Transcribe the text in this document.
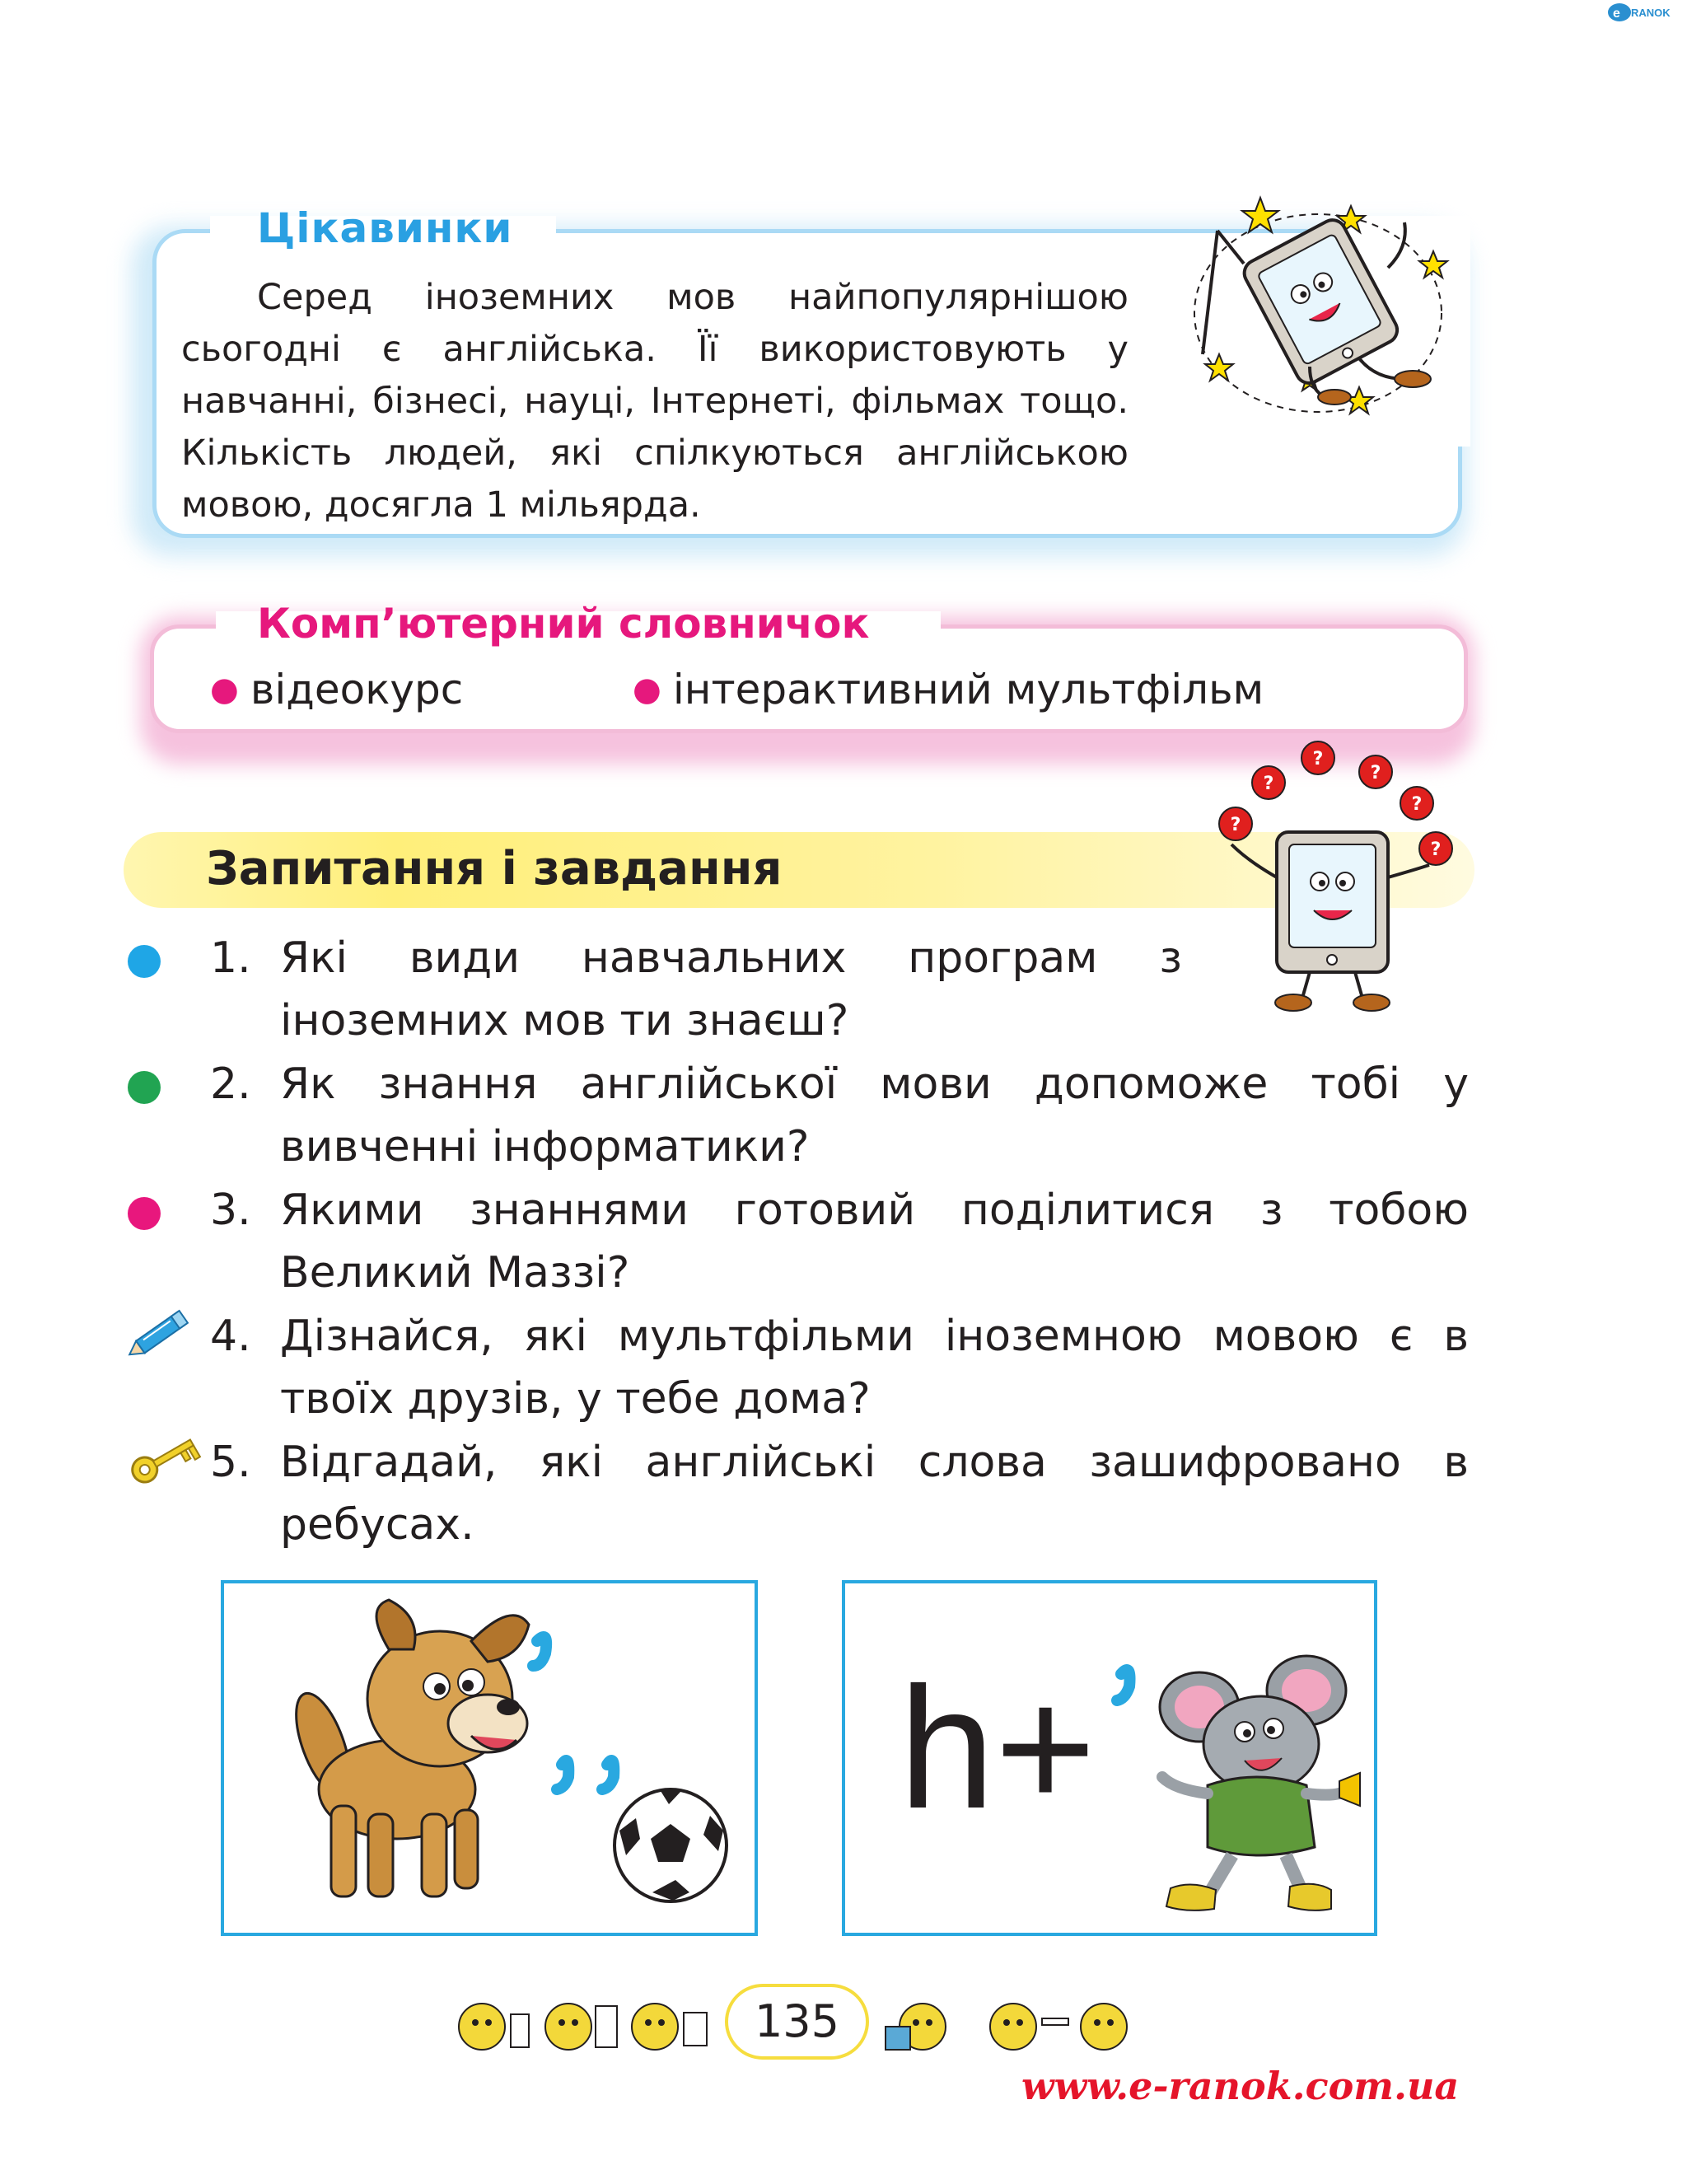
e RANOK
Цікавинки
Серед іноземних мов найпопулярнішою сьогодні є англійська. Її використовують у навчанні, бізнесі, науці, Інтернеті, фільмах тощо. Кількість людей, які спілкуються англійською мовою, досягла 1 мільярда.
Комп’ютерний словничок
● відеокурс	● інтерактивний мультфільм
Запитання і завдання
?
?
?
?
?
?
1. Які види навчальних програм з іноземних мов ти знаєш?
2. Як знання англійської мови допоможе тобі у вивченні інформатики?
3. Якими знаннями готовий поділитися з тобою Великий Маззі?
4. Дізнайся, які мультфільми іноземною мовою є в твоїх друзів, у тебе дома?
5. Відгадай, які англійські слова зашифровано в ребусах.
h+
135
www.e-ranok.com.ua
